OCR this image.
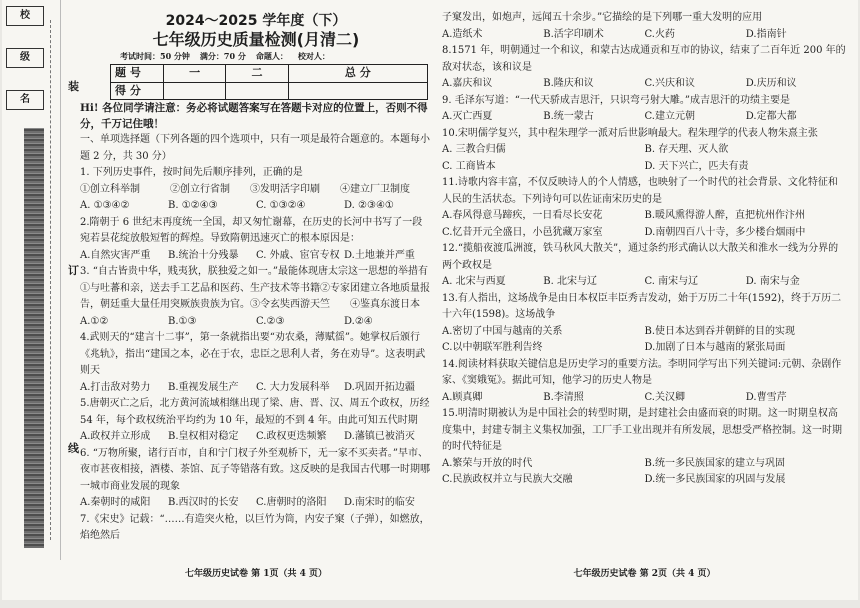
校
级
名
装
订
线
2024～2025 学年度（下）
七年级历史质量检测(月清二)
考试时间：50 分钟 满分：70 分 命题人： 校对人：
题 号	一	二	总 分
得 分			
Hi! 各位同学请注意：务必将试题答案写在答题卡对应的位置上，否则不得分，千万记住哦！
一、单项选择题（下列各题的四个选项中，只有一项是最符合题意的。本题每小题 2 分，共 30 分）
1. 下列历史事件，按时间先后顺序排列，正确的是
①创立科举制　　　②创立行省制　　③发明活字印刷　　④建立厂卫制度
A. ①③④②	B. ①②④③	C. ①③②④	D. ②③④①
2.隋朝于 6 世纪末再度统一全国，却又匆忙谢幕，在历史的长河中书写了一段宛若昙花绽放般短暂的辉煌。导致隋朝迅速灭亡的根本原因是：
A.自然灾害严重	B.统治十分残暴	C. 外戚、宦官专权 D.土地兼并严重
3. “自古皆贵中华，贱夷狄，朕独爱之如一。”最能体现唐太宗这一思想的举措有①与吐蕃和亲，送去手工艺品和医药、生产技术等书籍②专家团建立各地质量报告，朝廷重大量任用突厥族贵族为官。③令玄奘西游天竺　　④鉴真东渡日本
A.①②	B.①③	C.②③	D.②④
4.武则天的“建言十二事”，第一条就指出要“劝农桑，薄赋徭”。她掌权后颁行《兆轨》，指出“建国之本，必在于农，忠臣之思利人者，务在劝导”。这表明武则天
A.打击敌对势力	B.重视发展生产	C. 大力发展科举	D.巩固开拓边疆
5.唐朝灭亡之后，北方黄河流域相继出现了梁、唐、晋、汉、周五个政权，历经 54 年，每个政权统治平均约为 10 年，最短的不到 4 年。由此可知五代时期
A.政权并立形成	B.皇权相对稳定	C.政权更迭频繁	D.藩镇已被消灭
6. “万物所聚，诸行百市，自和宁门杈子外至观桥下，无一家不买卖者。”早市、夜市甚夜相接，酒楼、茶馆、瓦子等错落有致。这反映的是我国古代哪一时期哪一城市商业发展的现象
A.秦朝时的咸阳	B.西汉时的长安	C.唐朝时的洛阳	D.南宋时的临安
7.《宋史》记载：“……有造突火枪，以巨竹为筒，内安子窠（子弹），如燃放，焰绝然后
七年级历史试卷 第 1页（共 4 页）
子窠发出，如炮声，远闻五十余步。”它描绘的是下列哪一重大发明的应用
A.造纸术	B.活字印刷术	C.火药	D.指南针
8.1571 年，明朝通过一个和议，和蒙古达成通贡和互市的协议，结束了二百年近 200 年的敌对状态，该和议是
A.嘉庆和议	B.隆庆和议	C.兴庆和议	D.庆历和议
9. 毛泽东写道：“一代天骄成吉思汗，只识弯弓射大雕。”成吉思汗的功绩主要是
A.灭亡西夏	B.统一蒙古	C.建立元朝	D.定都大都
10.宋明儒学复兴，其中程朱理学一派对后世影响最大。程朱理学的代表人物朱熹主张
A. 三教合归儒	B. 存天理、灭人欲
C. 工商皆本	D. 天下兴亡，匹夫有责
11.诗歌内容丰富，不仅反映诗人的个人情感，也映射了一个时代的社会背景、文化特征和人民的生活状态。下列诗句可以佐证南宋历史的是
A.春风得意马蹄疾，一日看尽长安花	B.暖风熏得游人醉，直把杭州作汴州
C.忆昔开元全盛日，小邑犹藏万家室	D.南朝四百八十寺，多少楼台烟雨中
12.“揽船夜渡瓜洲渡，铁马秋风大散关”，通过条约形式确认以大散关和淮水一线为分界的两个政权是
A. 北宋与西夏	B. 北宋与辽	C. 南宋与辽	D. 南宋与金
13.有人指出，这场战争是由日本权臣丰臣秀吉发动，始于万历二十年(1592)，终于万历二十六年(1598)。这场战争
A.密切了中国与越南的关系	B.使日本达到吞并朝鲜的目的实现
C.以中朝联军胜利告终	D.加剧了日本与越南的紧张局面
14.阅读材料获取关键信息是历史学习的重要方法。李明同学写出下列关键词:元朝、杂剧作家、《窦娥冤》。据此可知，他学习的历史人物是
A.顾真卿	B.李清照	C.关汉卿	D.曹雪芹
15.明清时期被认为是中国社会的转型时期，是封建社会由盛而衰的时期。这一时期皇权高度集中，封建专制主义集权加强，工厂手工业出现并有所发展，思想受严格控制。这一时期的时代特征是
A.繁荣与开放的时代	B.统一多民族国家的建立与巩固
C.民族政权并立与民族大交融	D.统一多民族国家的巩固与发展
七年级历史试卷 第 2页（共 4 页）
